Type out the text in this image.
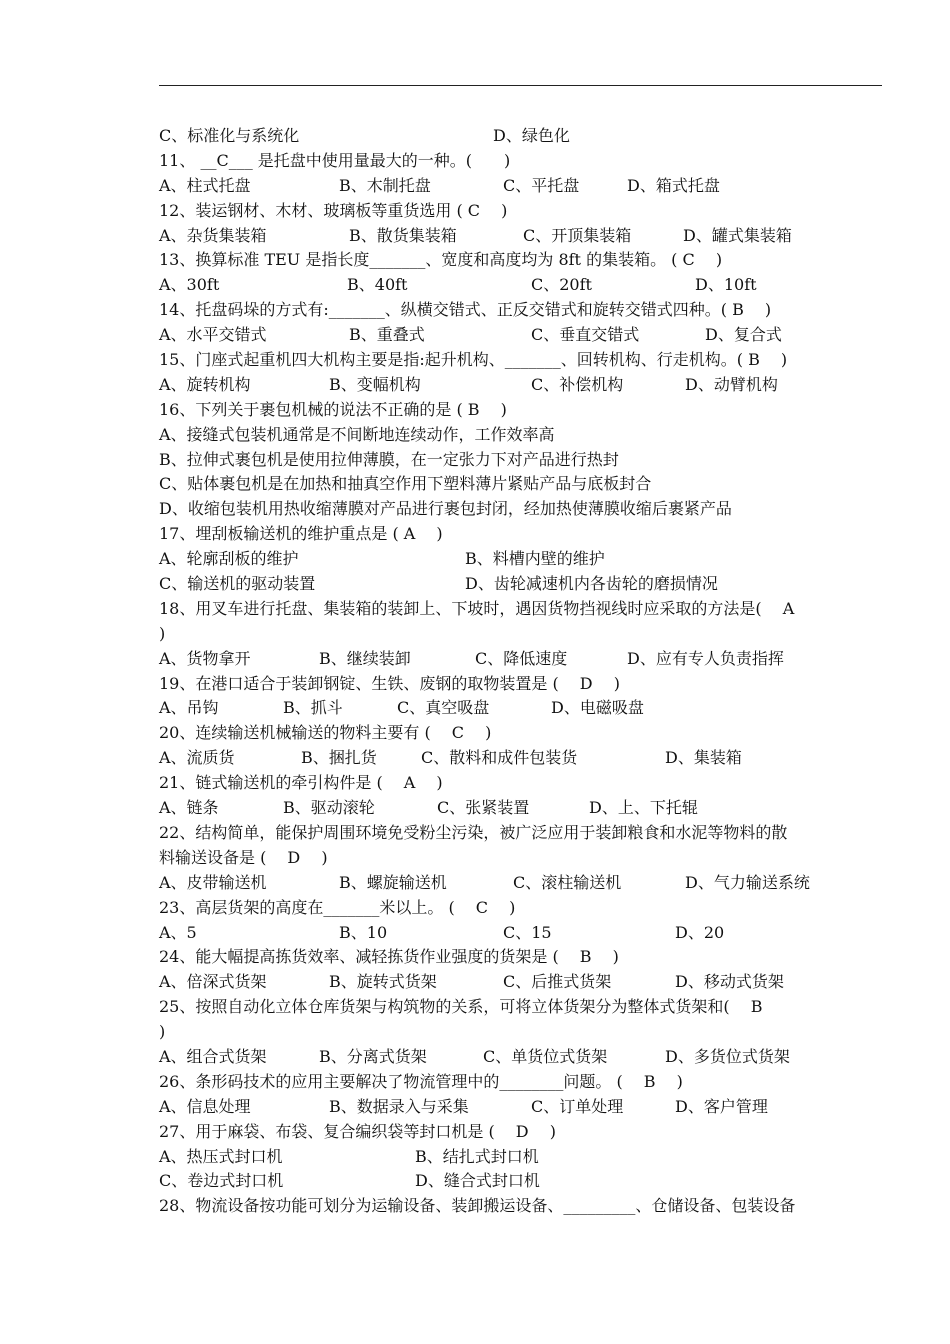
C、标准化与系统化	D、绿色化
11、 __C___ 是托盘中使用量最大的一种。(　　)
A、柱式托盘	B、木制托盘	C、平托盘	D、箱式托盘
12、装运钢材、木材、玻璃板等重货选用 ( C 　)
A、杂货集装箱	B、散货集装箱	C、开顶集装箱	D、罐式集装箱
13、换算标准 TEU 是指长度_______、宽度和高度均为 8ft 的集装箱。 ( C　 )
A、30ft	B、40ft	C、20ft	D、10ft
14、托盘码垛的方式有:_______、纵横交错式、正反交错式和旋转交错式四种。( B　 )
A、水平交错式	B、重叠式	C、垂直交错式	D、复合式
15、门座式起重机四大机构主要是指:起升机构、_______、回转机构、行走机构。( B　 )
A、旋转机构	B、变幅机构	C、补偿机构	D、动臂机构
16、下列关于裹包机械的说法不正确的是 ( B 　)
A、接缝式包装机通常是不间断地连续动作，工作效率高
B、拉伸式裹包机是使用拉伸薄膜，在一定张力下对产品进行热封
C、贴体裹包机是在加热和抽真空作用下塑料薄片紧贴产品与底板封合
D、收缩包装机用热收缩薄膜对产品进行裹包封闭，经加热使薄膜收缩后裹紧产品
17、埋刮板输送机的维护重点是 ( A 　)
A、轮廓刮板的维护	B、料槽内壁的维护
C、输送机的驱动装置	D、齿轮减速机内各齿轮的磨损情况
18、用叉车进行托盘、集装箱的装卸上、下坡时，遇因货物挡视线时应采取的方法是(　 A
)
A、货物拿开	B、继续装卸	C、降低速度	D、应有专人负责指挥
19、在港口适合于装卸钢锭、生铁、废钢的取物装置是 (　 D　 )
A、吊钩	B、抓斗	C、真空吸盘	D、电磁吸盘
20、连续输送机械输送的物料主要有 (　 C　 )
A、流质货	B、捆扎货	C、散料和成件包装货	D、集装箱
21、链式输送机的牵引构件是 (　 A　 )
A、链条	B、驱动滚轮	C、张紧装置	D、上、下托辊
22、结构简单，能保护周围环境免受粉尘污染，被广泛应用于装卸粮食和水泥等物料的散
料输送设备是 (　 D　 )
A、皮带输送机	B、螺旋输送机	C、滚柱输送机	D、气力输送系统
23、高层货架的高度在_______米以上。 (　 C　 )
A、5	B、10	C、15	D、20
24、能大幅提高拣货效率、减轻拣货作业强度的货架是 (　 B　 )
A、倍深式货架	B、旋转式货架	C、后推式货架	D、移动式货架
25、按照自动化立体仓库货架与构筑物的关系，可将立体货架分为整体式货架和(　 B
)
A、组合式货架	B、分离式货架	C、单货位式货架	D、多货位式货架
26、条形码技术的应用主要解决了物流管理中的________问题。 (　 B　 )
A、信息处理	B、数据录入与采集	C、订单处理	D、客户管理
27、用于麻袋、布袋、复合编织袋等封口机是 (　 D　 )
A、热压式封口机	B、结扎式封口机
C、卷边式封口机	D、缝合式封口机
28、物流设备按功能可划分为运输设备、装卸搬运设备、_________、仓储设备、包装设备
